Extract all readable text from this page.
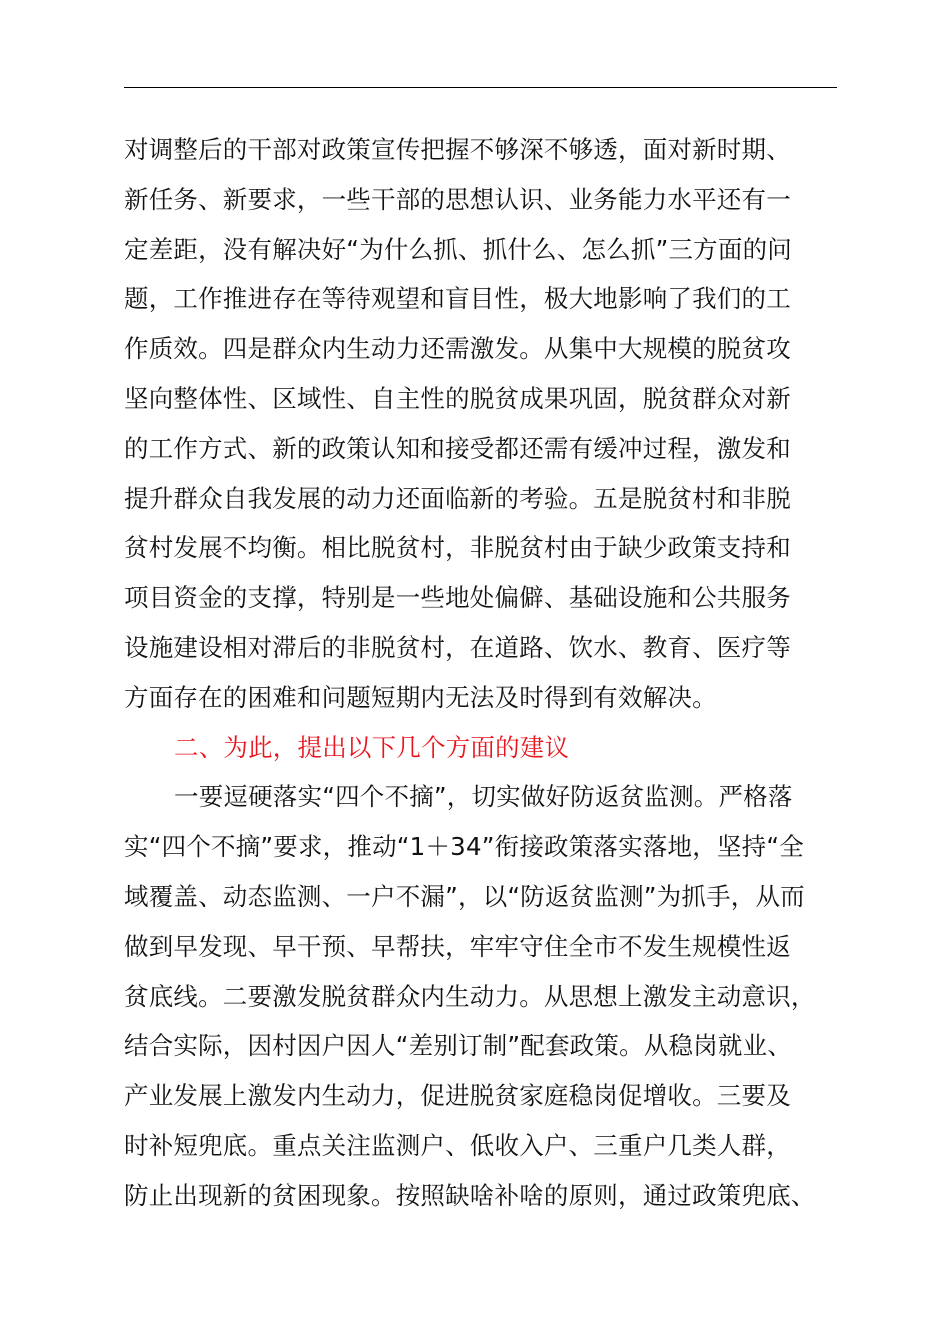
对调整后的干部对政策宣传把握不够深不够透，面对新时期、
新任务、新要求，一些干部的思想认识、业务能力水平还有一
定差距，没有解决好“为什么抓、抓什么、怎么抓”三方面的问
题，工作推进存在等待观望和盲目性，极大地影响了我们的工
作质效。四是群众内生动力还需激发。从集中大规模的脱贫攻
坚向整体性、区域性、自主性的脱贫成果巩固，脱贫群众对新
的工作方式、新的政策认知和接受都还需有缓冲过程，激发和
提升群众自我发展的动力还面临新的考验。五是脱贫村和非脱
贫村发展不均衡。相比脱贫村，非脱贫村由于缺少政策支持和
项目资金的支撑，特别是一些地处偏僻、基础设施和公共服务
设施建设相对滞后的非脱贫村，在道路、饮水、教育、医疗等
方面存在的困难和问题短期内无法及时得到有效解决。
二、为此，提出以下几个方面的建议
一要逗硬落实“四个不摘”，切实做好防返贫监测。严格落
实“四个不摘”要求，推动“1＋34”衔接政策落实落地，坚持“全
域覆盖、动态监测、一户不漏”，以“防返贫监测”为抓手，从而
做到早发现、早干预、早帮扶，牢牢守住全市不发生规模性返
贫底线。二要激发脱贫群众内生动力。从思想上激发主动意识，
结合实际，因村因户因人“差别订制”配套政策。从稳岗就业、
产业发展上激发内生动力，促进脱贫家庭稳岗促增收。三要及
时补短兜底。重点关注监测户、低收入户、三重户几类人群，
防止出现新的贫困现象。按照缺啥补啥的原则，通过政策兜底、
